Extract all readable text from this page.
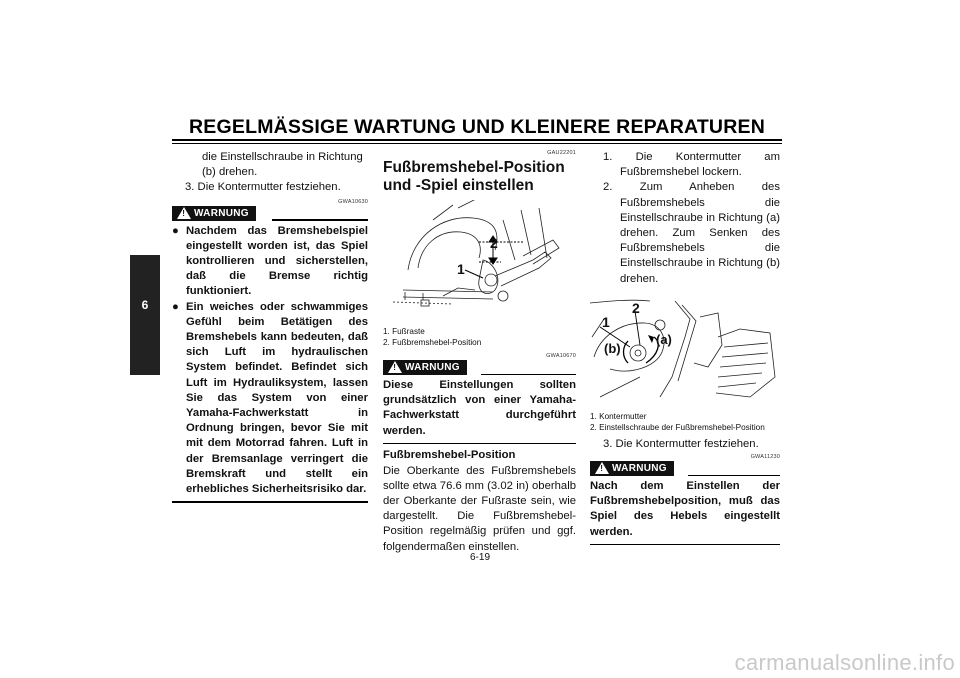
REGELMÄSSIGE WARTUNG UND KLEINERE REPARATUREN
6
die Einstellschraube in Richtung
(b) drehen.
3. Die Kontermutter festziehen.
GWA10630
! WARNUNG
● Nachdem das Bremshebelspiel eingestellt worden ist, das Spiel kontrollieren und sicherstellen, daß die Bremse richtig funktioniert.
● Ein weiches oder schwammiges Gefühl beim Betätigen des Bremshebels kann bedeuten, daß sich Luft im hydraulischen System befindet. Befindet sich Luft im Hydrauliksystem, lassen Sie das System von einer Yamaha-Fachwerkstatt in Ordnung bringen, bevor Sie mit mit dem Motorrad fahren. Luft in der Bremsanlage verringert die Bremskraft und stellt ein erhebliches Sicherheitsrisiko dar.
GAU22201
Fußbremshebel-Position und -Spiel einstellen
2
1
1. Fußraste
2. Fußbremshebel-Position
GWA10670
! WARNUNG
Diese Einstellungen sollten grundsätzlich von einer Yamaha-Fachwerkstatt durchgeführt werden.
Fußbremshebel-Position
Die Oberkante des Fußbremshebels sollte etwa 76.6 mm (3.02 in) oberhalb der Oberkante der Fußraste sein, wie dargestellt. Die Fußbremshebel-Position regelmäßig prüfen und ggf. folgendermaßen einstellen.
1. Die Kontermutter am Fußbremshebel lockern.
2. Zum Anheben des Fußbremshebels die Einstellschraube in Richtung (a) drehen. Zum Senken des Fußbremshebels die Einstellschraube in Richtung (b) drehen.
1
2
(a)
(b)
1. Kontermutter
2. Einstellschraube der Fußbremshebel-Position
3. Die Kontermutter festziehen.
GWA11230
! WARNUNG
Nach dem Einstellen der Fußbremshebelposition, muß das Spiel des Hebels eingestellt werden.
6-19
carmanualsonline.info
